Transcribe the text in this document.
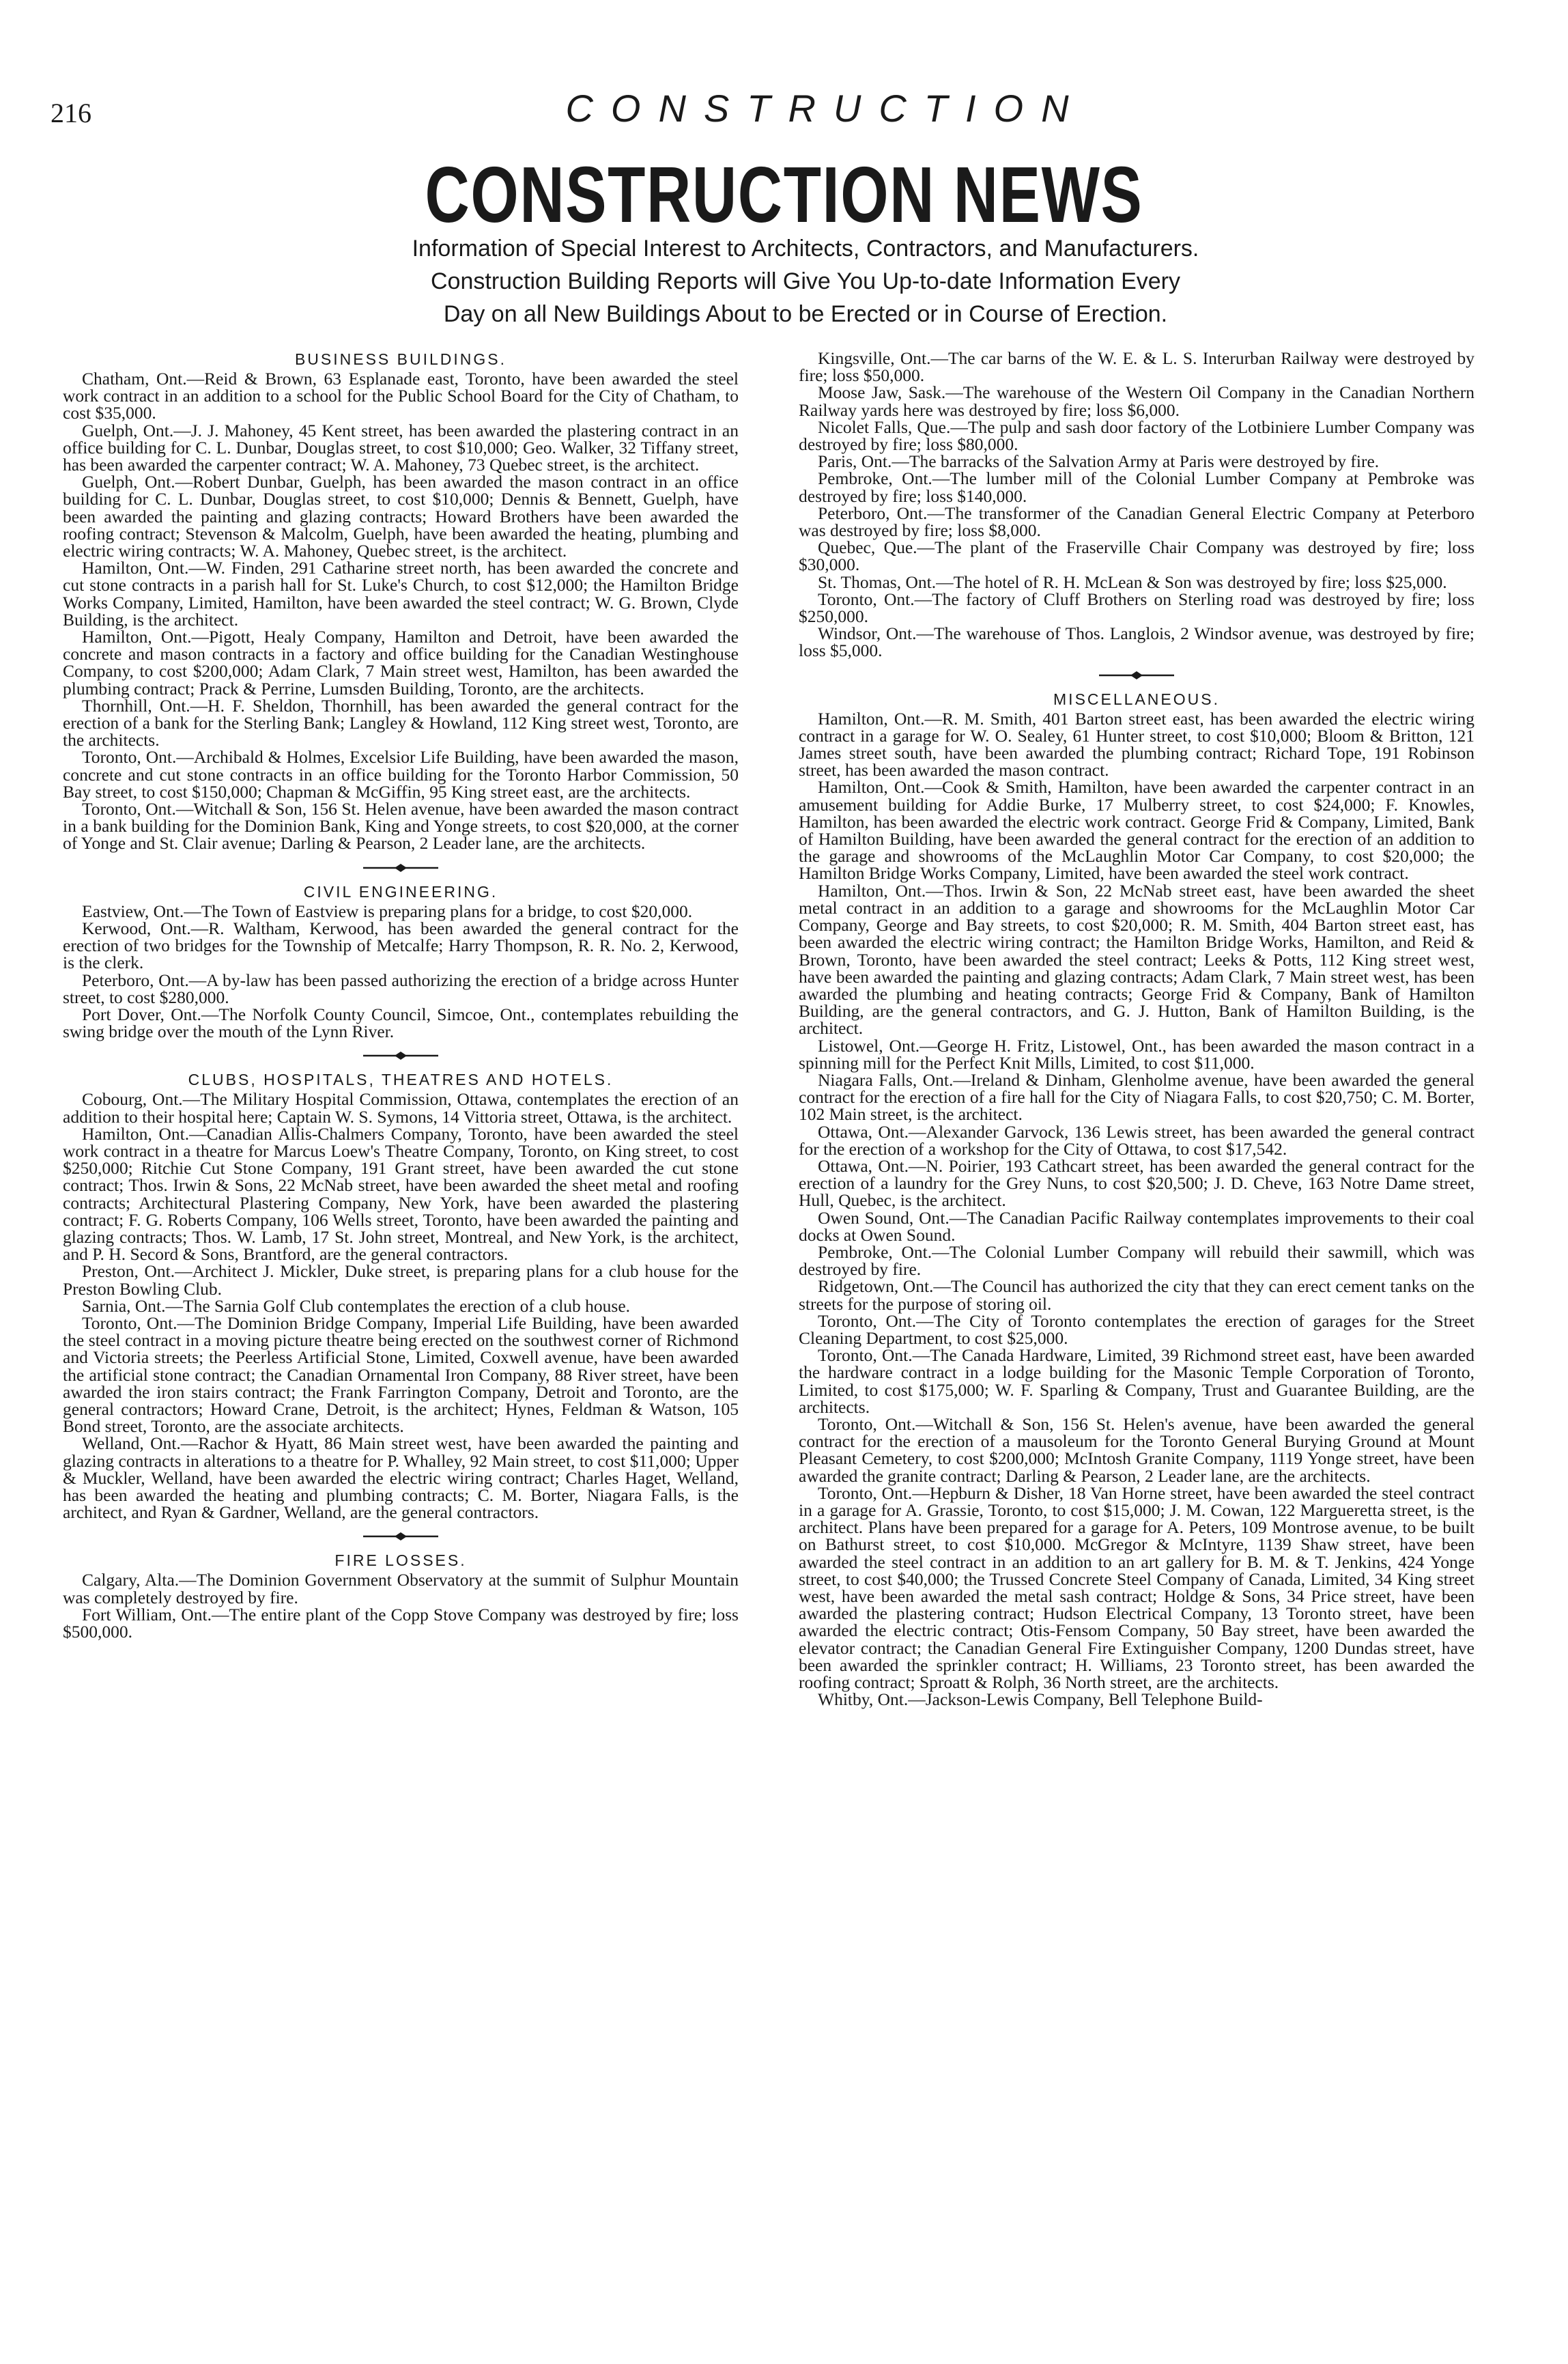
216	CONSTRUCTION
CONSTRUCTION NEWS
Information of Special Interest to Architects, Contractors, and Manufacturers.
Construction Building Reports will Give You Up-to-date Information Every
Day on all New Buildings About to be Erected or in Course of Erection.
BUSINESS BUILDINGS.

Chatham, Ont.—Reid & Brown, 63 Esplanade east, Toronto, have been awarded the steel work contract in an addition to a school for the Public School Board for the City of Chatham, to cost $35,000.

Guelph, Ont.—J. J. Mahoney, 45 Kent street, has been awarded the plastering contract in an office building for C. L. Dunbar, Douglas street, to cost $10,000; Geo. Walker, 32 Tiffany street, has been awarded the carpenter contract; W. A. Mahoney, 73 Quebec street, is the architect.

Guelph, Ont.—Robert Dunbar, Guelph, has been awarded the mason contract in an office building for C. L. Dunbar, Douglas street, to cost $10,000; Dennis & Bennett, Guelph, have been awarded the painting and glazing contracts; Howard Brothers have been awarded the roofing contract; Stevenson & Malcolm, Guelph, have been awarded the heating, plumbing and electric wiring contracts; W. A. Mahoney, Quebec street, is the architect.

Hamilton, Ont.—W. Finden, 291 Catharine street north, has been awarded the concrete and cut stone contracts in a parish hall for St. Luke's Church, to cost $12,000; the Hamilton Bridge Works Company, Limited, Hamilton, have been awarded the steel contract; W. G. Brown, Clyde Building, is the architect.

Hamilton, Ont.—Pigott, Healy Company, Hamilton and Detroit, have been awarded the concrete and mason contracts in a factory and office building for the Canadian Westinghouse Company, to cost $200,000; Adam Clark, 7 Main street west, Hamilton, has been awarded the plumbing contract; Prack & Perrine, Lumsden Building, Toronto, are the architects.

Thornhill, Ont.—H. F. Sheldon, Thornhill, has been awarded the general contract for the erection of a bank for the Sterling Bank; Langley & Howland, 112 King street west, Toronto, are the architects.

Toronto, Ont.—Archibald & Holmes, Excelsior Life Building, have been awarded the mason, concrete and cut stone contracts in an office building for the Toronto Harbor Commission, 50 Bay street, to cost $150,000; Chapman & McGiffin, 95 King street east, are the architects.

Toronto, Ont.—Witchall & Son, 156 St. Helen avenue, have been awarded the mason contract in a bank building for the Dominion Bank, King and Yonge streets, to cost $20,000, at the corner of Yonge and St. Clair avenue; Darling & Pearson, 2 Leader lane, are the architects.

CIVIL ENGINEERING.

Eastview, Ont.—The Town of Eastview is preparing plans for a bridge, to cost $20,000.

Kerwood, Ont.—R. Waltham, Kerwood, has been awarded the general contract for the erection of two bridges for the Township of Metcalfe; Harry Thompson, R. R. No. 2, Kerwood, is the clerk.

Peterboro, Ont.—A by-law has been passed authorizing the erection of a bridge across Hunter street, to cost $280,000.

Port Dover, Ont.—The Norfolk County Council, Simcoe, Ont., contemplates rebuilding the swing bridge over the mouth of the Lynn River.

CLUBS, HOSPITALS, THEATRES AND HOTELS.

Cobourg, Ont.—The Military Hospital Commission, Ottawa, contemplates the erection of an addition to their hospital here; Captain W. S. Symons, 14 Vittoria street, Ottawa, is the architect.

Hamilton, Ont.—Canadian Allis-Chalmers Company, Toronto, have been awarded the steel work contract in a theatre for Marcus Loew's Theatre Company, Toronto, on King street, to cost $250,000; Ritchie Cut Stone Company, 191 Grant street, have been awarded the cut stone contract; Thos. Irwin & Sons, 22 McNab street, have been awarded the sheet metal and roofing contracts; Architectural Plastering Company, New York, have been awarded the plastering contract; F. G. Roberts Company, 106 Wells street, Toronto, have been awarded the painting and glazing contracts; Thos. W. Lamb, 17 St. John street, Montreal, and New York, is the architect, and P. H. Secord & Sons, Brantford, are the general contractors.

Preston, Ont.—Architect J. Mickler, Duke street, is preparing plans for a club house for the Preston Bowling Club.

Sarnia, Ont.—The Sarnia Golf Club contemplates the erection of a club house.

Toronto, Ont.—The Dominion Bridge Company, Imperial Life Building, have been awarded the steel contract in a moving picture theatre being erected on the southwest corner of Richmond and Victoria streets; the Peerless Artificial Stone, Limited, Coxwell avenue, have been awarded the artificial stone contract; the Canadian Ornamental Iron Company, 88 River street, have been awarded the iron stairs contract; the Frank Farrington Company, Detroit and Toronto, are the general contractors; Howard Crane, Detroit, is the architect; Hynes, Feldman & Watson, 105 Bond street, Toronto, are the associate architects.

Welland, Ont.—Rachor & Hyatt, 86 Main street west, have been awarded the painting and glazing contracts in alterations to a theatre for P. Whalley, 92 Main street, to cost $11,000; Upper & Muckler, Welland, have been awarded the electric wiring contract; Charles Haget, Welland, has been awarded the heating and plumbing contracts; C. M. Borter, Niagara Falls, is the architect, and Ryan & Gardner, Welland, are the general contractors.

FIRE LOSSES.

Calgary, Alta.—The Dominion Government Observatory at the summit of Sulphur Mountain was completely destroyed by fire.

Fort William, Ont.—The entire plant of the Copp Stove Company was destroyed by fire; loss $500,000.

Kingsville, Ont.—The car barns of the W. E. & L. S. Interurban Railway were destroyed by fire; loss $50,000.

Moose Jaw, Sask.—The warehouse of the Western Oil Company in the Canadian Northern Railway yards here was destroyed by fire; loss $6,000.

Nicolet Falls, Que.—The pulp and sash door factory of the Lotbiniere Lumber Company was destroyed by fire; loss $80,000.

Paris, Ont.—The barracks of the Salvation Army at Paris were destroyed by fire.

Pembroke, Ont.—The lumber mill of the Colonial Lumber Company at Pembroke was destroyed by fire; loss $140,000.

Peterboro, Ont.—The transformer of the Canadian General Electric Company at Peterboro was destroyed by fire; loss $8,000.

Quebec, Que.—The plant of the Fraserville Chair Company was destroyed by fire; loss $30,000.

St. Thomas, Ont.—The hotel of R. H. McLean & Son was destroyed by fire; loss $25,000.

Toronto, Ont.—The factory of Cluff Brothers on Sterling road was destroyed by fire; loss $250,000.

Windsor, Ont.—The warehouse of Thos. Langlois, 2 Windsor avenue, was destroyed by fire; loss $5,000.

MISCELLANEOUS.

Hamilton, Ont.—R. M. Smith, 401 Barton street east, has been awarded the electric wiring contract in a garage for W. O. Sealey, 61 Hunter street, to cost $10,000; Bloom & Britton, 121 James street south, have been awarded the plumbing contract; Richard Tope, 191 Robinson street, has been awarded the mason contract.

Hamilton, Ont.—Cook & Smith, Hamilton, have been awarded the carpenter contract in an amusement building for Addie Burke, 17 Mulberry street, to cost $24,000; F. Knowles, Hamilton, has been awarded the electric work contract. George Frid & Company, Limited, Bank of Hamilton Building, have been awarded the general contract for the erection of an addition to the garage and showrooms of the McLaughlin Motor Car Company, to cost $20,000; the Hamilton Bridge Works Company, Limited, have been awarded the steel work contract.

Hamilton, Ont.—Thos. Irwin & Son, 22 McNab street east, have been awarded the sheet metal contract in an addition to a garage and showrooms for the McLaughlin Motor Car Company, George and Bay streets, to cost $20,000; R. M. Smith, 404 Barton street east, has been awarded the electric wiring contract; the Hamilton Bridge Works, Hamilton, and Reid & Brown, Toronto, have been awarded the steel contract; Leeks & Potts, 112 King street west, have been awarded the painting and glazing contracts; Adam Clark, 7 Main street west, has been awarded the plumbing and heating contracts; George Frid & Company, Bank of Hamilton Building, are the general contractors, and G. J. Hutton, Bank of Hamilton Building, is the architect.

Listowel, Ont.—George H. Fritz, Listowel, Ont., has been awarded the mason contract in a spinning mill for the Perfect Knit Mills, Limited, to cost $11,000.

Niagara Falls, Ont.—Ireland & Dinham, Glenholme avenue, have been awarded the general contract for the erection of a fire hall for the City of Niagara Falls, to cost $20,750; C. M. Borter, 102 Main street, is the architect.

Ottawa, Ont.—Alexander Garvock, 136 Lewis street, has been awarded the general contract for the erection of a workshop for the City of Ottawa, to cost $17,542.

Ottawa, Ont.—N. Poirier, 193 Cathcart street, has been awarded the general contract for the erection of a laundry for the Grey Nuns, to cost $20,500; J. D. Cheve, 163 Notre Dame street, Hull, Quebec, is the architect.

Owen Sound, Ont.—The Canadian Pacific Railway contemplates improvements to their coal docks at Owen Sound.

Pembroke, Ont.—The Colonial Lumber Company will rebuild their sawmill, which was destroyed by fire.

Ridgetown, Ont.—The Council has authorized the city that they can erect cement tanks on the streets for the purpose of storing oil.

Toronto, Ont.—The City of Toronto contemplates the erection of garages for the Street Cleaning Department, to cost $25,000.

Toronto, Ont.—The Canada Hardware, Limited, 39 Richmond street east, have been awarded the hardware contract in a lodge building for the Masonic Temple Corporation of Toronto, Limited, to cost $175,000; W. F. Sparling & Company, Trust and Guarantee Building, are the architects.

Toronto, Ont.—Witchall & Son, 156 St. Helen's avenue, have been awarded the general contract for the erection of a mausoleum for the Toronto General Burying Ground at Mount Pleasant Cemetery, to cost $200,000; McIntosh Granite Company, 1119 Yonge street, have been awarded the granite contract; Darling & Pearson, 2 Leader lane, are the architects.

Toronto, Ont.—Hepburn & Disher, 18 Van Horne street, have been awarded the steel contract in a garage for A. Grassie, Toronto, to cost $15,000; J. M. Cowan, 122 Margueretta street, is the architect. Plans have been prepared for a garage for A. Peters, 109 Montrose avenue, to be built on Bathurst street, to cost $10,000. McGregor & McIntyre, 1139 Shaw street, have been awarded the steel contract in an addition to an art gallery for B. M. & T. Jenkins, 424 Yonge street, to cost $40,000; the Trussed Concrete Steel Company of Canada, Limited, 34 King street west, have been awarded the metal sash contract; Holdge & Sons, 34 Price street, have been awarded the plastering contract; Hudson Electrical Company, 13 Toronto street, have been awarded the electric contract; Otis-Fensom Company, 50 Bay street, have been awarded the elevator contract; the Canadian General Fire Extinguisher Company, 1200 Dundas street, have been awarded the sprinkler contract; H. Williams, 23 Toronto street, has been awarded the roofing contract; Sproatt & Rolph, 36 North street, are the architects.

Whitby, Ont.—Jackson-Lewis Company, Bell Telephone Build-
